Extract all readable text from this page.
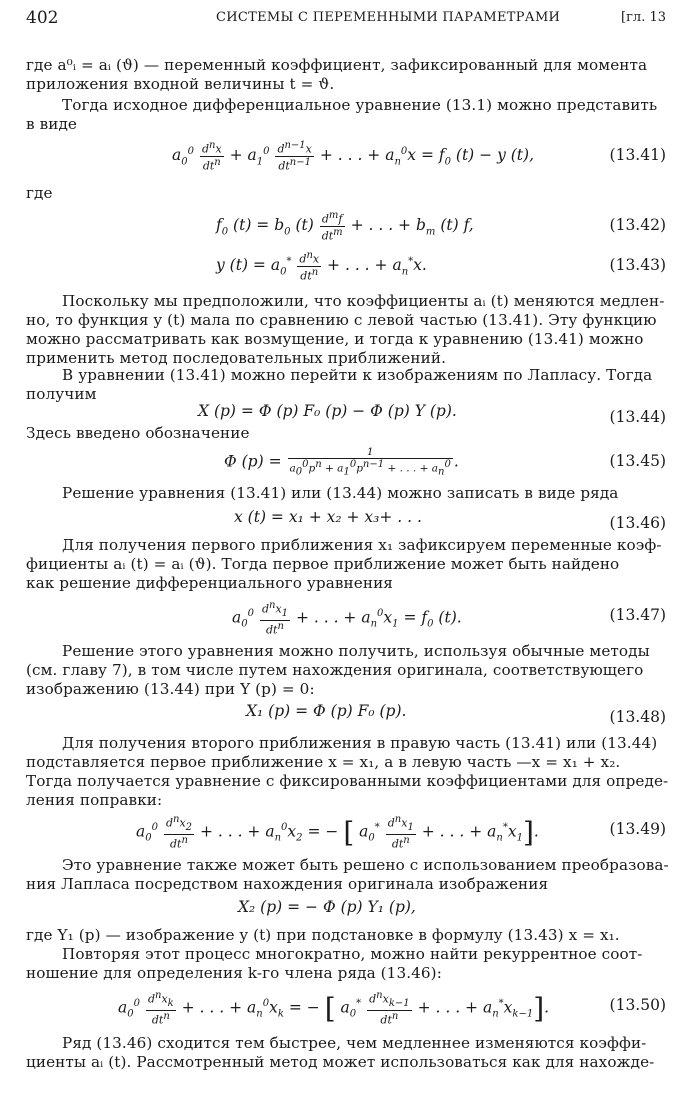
402	СИСТЕМЫ С ПЕРЕМЕННЫМИ ПАРАМЕТРАМИ	[гл. 13
где a⁰ᵢ = aᵢ (ϑ) — переменный коэффициент, зафиксированный для момента
приложения входной величины t = ϑ.
Тогда исходное дифференциальное уравнение (13.1) можно представить
в виде
$a_0^0 \frac{d^nx}{dt^n} + a_1^0 \frac{d^{n-1}x}{dt^{n-1}}$ + . . . + $a_n^0x = f_0$ (t) − y (t),	(13.41)
где
$f_0$ $(t) = b_0$ $(t) \frac{d^mf}{dt^m}$ + . . . + $b_m$ (t) f,	(13.42)
y $(t) = a_0^* \frac{d^nx}{dt^n}$ + . . . + $a_n^*x$.	(13.43)
Поскольку мы предположили, что коэффициенты aᵢ (t) меняются медлен-
но, то функция y (t) мала по сравнению с левой частью (13.41). Эту функцию
можно рассматривать как возмущение, и тогда к уравнению (13.41) можно
применить метод последовательных приближений.
В уравнении (13.41) можно перейти к изображениям по Лапласу. Тогда
получим
X (p) = Φ (p) F₀ (p) − Φ (p) Y (p).	(13.44)
Здесь введено обозначение
Φ $(p) = \frac{1}{a_0^0p^n + a_1^0p^{n-1} + . . . + a_n^0}$ .	(13.45)
Решение уравнения (13.41) или (13.44) можно записать в виде ряда
x (t) = x₁ + x₂ + x₃+ . . .	(13.46)
Для получения первого приближения x₁ зафиксируем переменные коэф-
фициенты aᵢ (t) = aᵢ (ϑ). Тогда первое приближение может быть найдено
как решение дифференциального уравнения
$a_0^0 \frac{d^nx_1}{dt^n}$ + . . . + $a_n^0x_1 = f_0$ (t).	(13.47)
Решение этого уравнения можно получить, используя обычные методы
(см. главу 7), в том числе путем нахождения оригинала, соответствующего
изображению (13.44) при Y (p) = 0:
X₁ (p) = Φ (p) F₀ (p).	(13.48)
Для получения второго приближения в правую часть (13.41) или (13.44)
подставляется первое приближение x = x₁, а в левую часть —x = x₁ + x₂.
Тогда получается уравнение с фиксированными коэффициентами для опреде-
ления поправки:
$a_0^0 \frac{d^nx_2}{dt^n}$ + . . . + $a_n^0x_2$ = − [ $a_0^* \frac{d^nx_1}{dt^n}$ + . . . + $a_n^*x_1$].	(13.49)
Это уравнение также может быть решено с использованием преобразова-
ния Лапласа посредством нахождения оригинала изображения
X₂ (p) = − Φ (p) Y₁ (p),
где Y₁ (p) — изображение y (t) при подстановке в формулу (13.43) x = x₁.
Повторяя этот процесс многократно, можно найти рекуррентное соот-
ношение для определения k-го члена ряда (13.46):
$a_0^0 \frac{d^nx_k}{dt^n}$ + . . . + $a_n^0x_k$ = − [ $a_0^* \frac{d^nx_{k-1}}{dt^n}$ + . . . + $a_n^*x_{k-1}$].	(13.50)
Ряд (13.46) сходится тем быстрее, чем медленнее изменяются коэффи-
циенты aᵢ (t). Рассмотренный метод может использоваться как для нахожде-
